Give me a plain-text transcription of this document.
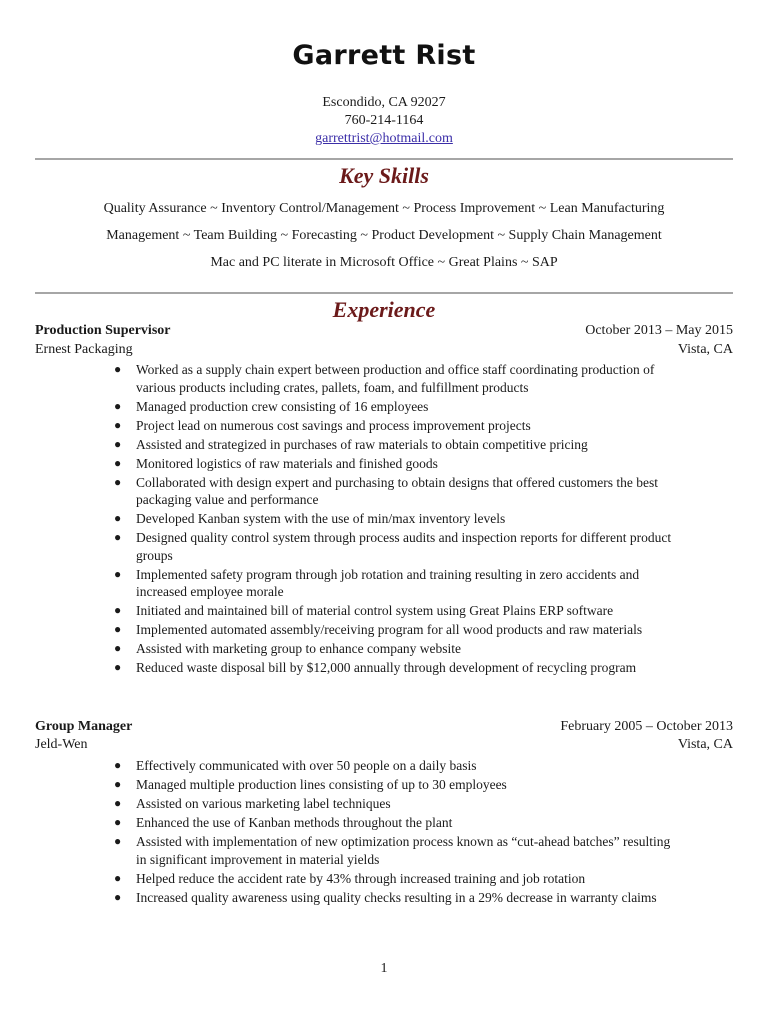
Garrett Rist
Escondido, CA 92027
760-214-1164
garrettrist@hotmail.com
Key Skills
Quality Assurance ~ Inventory Control/Management ~ Process Improvement ~ Lean Manufacturing
Management ~ Team Building ~ Forecasting ~ Product Development ~ Supply Chain Management
Mac and PC literate in Microsoft Office ~ Great Plains ~ SAP
Experience
Production Supervisor	October 2013 – May 2015
Ernest Packaging	Vista, CA
● Worked as a supply chain expert between production and office staff coordinating production of various products including crates, pallets, foam, and fulfillment products
● Managed production crew consisting of 16 employees
● Project lead on numerous cost savings and process improvement projects
● Assisted and strategized in purchases of raw materials to obtain competitive pricing
● Monitored logistics of raw materials and finished goods
● Collaborated with design expert and purchasing to obtain designs that offered customers the best packaging value and performance
● Developed Kanban system with the use of min/max inventory levels
● Designed quality control system through process audits and inspection reports for different product groups
● Implemented safety program through job rotation and training resulting in zero accidents and increased employee morale
● Initiated and maintained bill of material control system using Great Plains ERP software
● Implemented automated assembly/receiving program for all wood products and raw materials
● Assisted with marketing group to enhance company website
● Reduced waste disposal bill by $12,000 annually through development of recycling program
Group Manager	February 2005 – October 2013
Jeld-Wen	Vista, CA
● Effectively communicated with over 50 people on a daily basis
● Managed multiple production lines consisting of up to 30 employees
● Assisted on various marketing label techniques
● Enhanced the use of Kanban methods throughout the plant
● Assisted with implementation of new optimization process known as “cut-ahead batches” resulting in significant improvement in material yields
● Helped reduce the accident rate by 43% through increased training and job rotation
● Increased quality awareness using quality checks resulting in a 29% decrease in warranty claims
1
